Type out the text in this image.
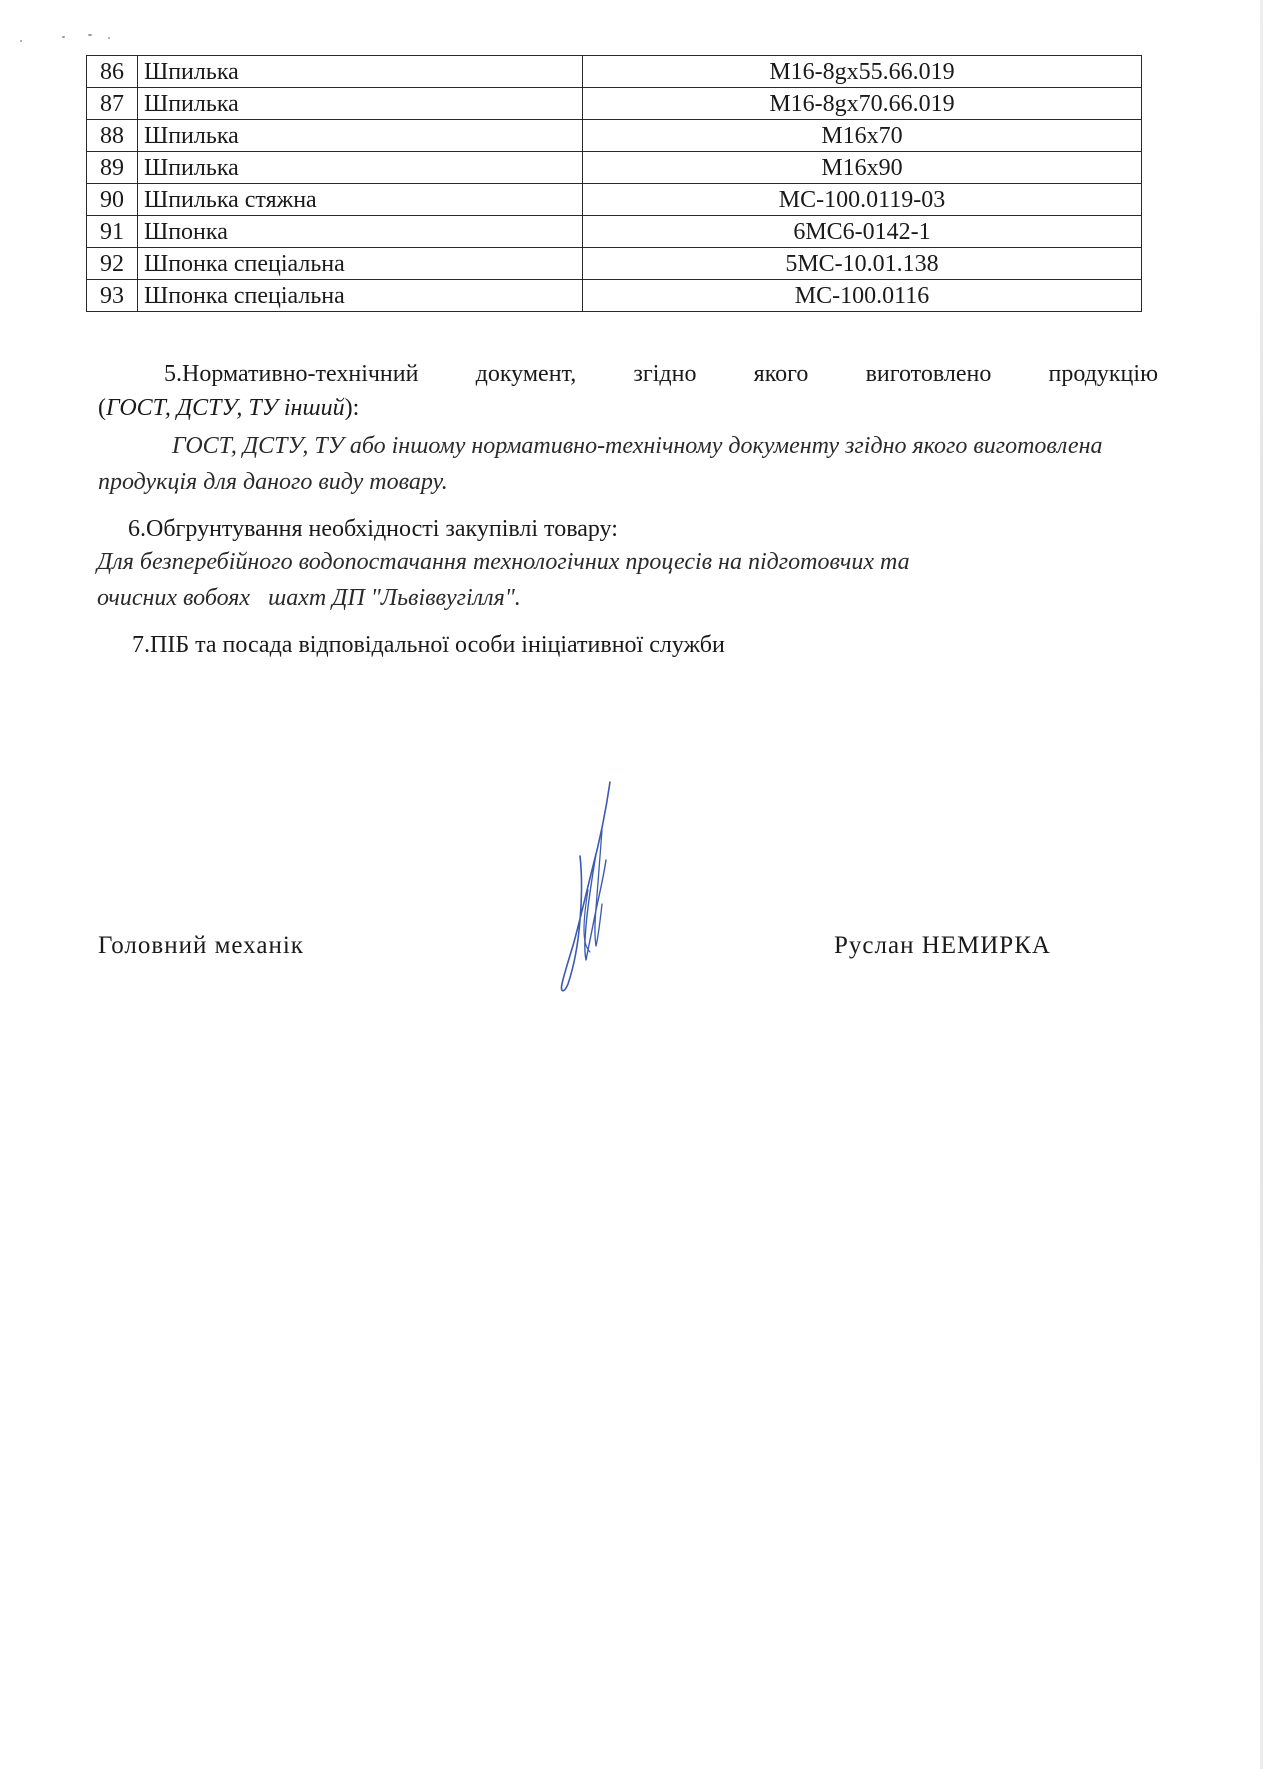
86	Шпилька	М16-8gх55.66.019
87	Шпилька	М16-8gх70.66.019
88	Шпилька	М16х70
89	Шпилька	М16х90
90	Шпилька стяжна	МС-100.0119-03
91	Шпонка	6МС6-0142-1
92	Шпонка спеціальна	5МС-10.01.138
93	Шпонка спеціальна	МС-100.0116
5.Нормативно-технічний документ, згідно якого виготовлено продукцію
(ГОСТ, ДСТУ, ТУ інший):
ГОСТ, ДСТУ, ТУ або іншому нормативно-технічному документу згідно якого виготовлена продукція для даного виду товару.
6.Обгрунтування необхідності закупівлі товару:
Для безперебійного водопостачання технологічних процесів на підготовчих та
очисних вобоях   шахт ДП "Львіввугілля".
7.ПІБ та посада відповідальної особи ініціативної служби
Головний механік	Руслан НЕМИРКА
